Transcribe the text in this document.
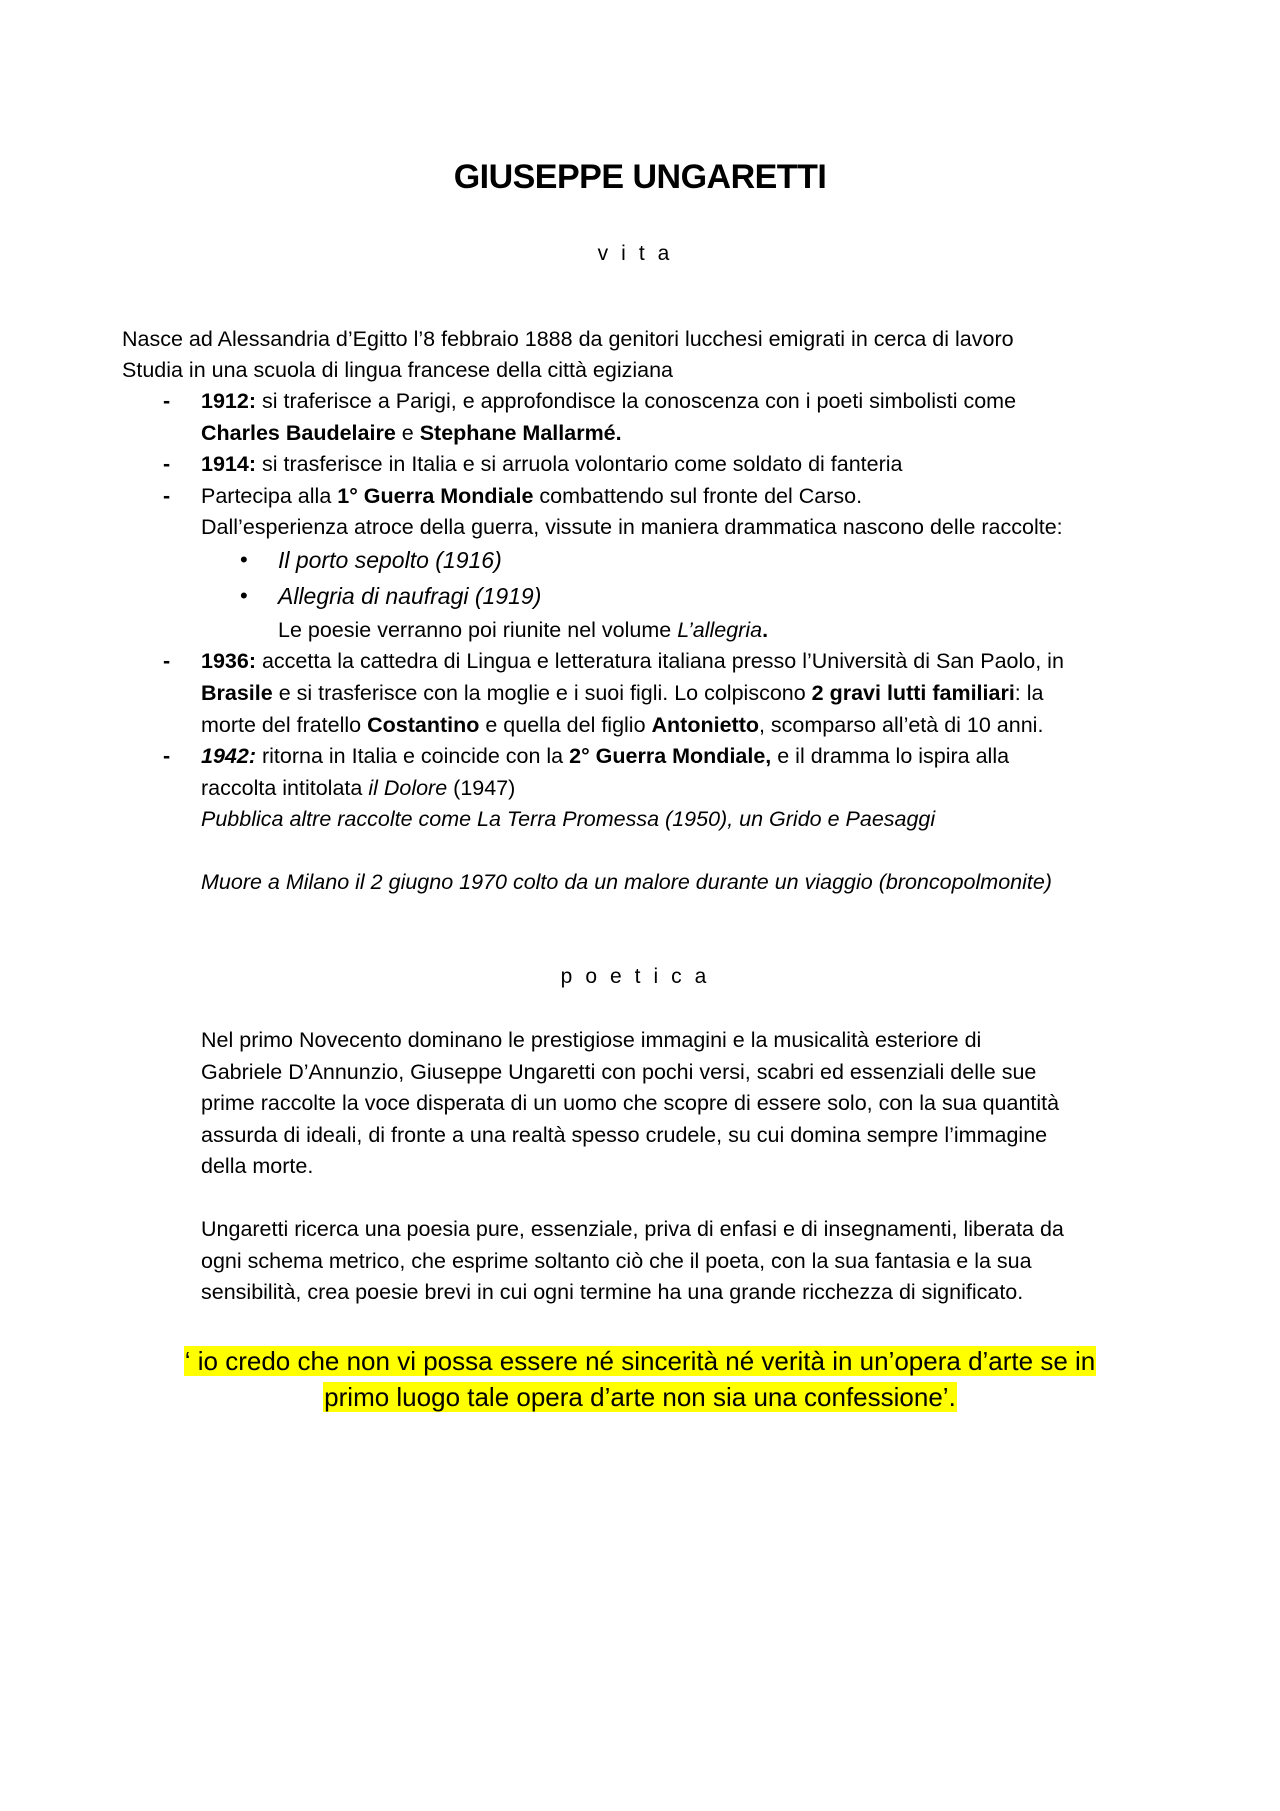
GIUSEPPE UNGARETTI
vita
Nasce ad Alessandria d’Egitto l’8 febbraio 1888 da genitori lucchesi emigrati in cerca di lavoro
Studia in una scuola di lingua francese della città egiziana
- 1912: si traferisce a Parigi, e approfondisce la conoscenza con i poeti simbolisti come
Charles Baudelaire e Stephane Mallarmé.
- 1914: si trasferisce in Italia e si arruola volontario come soldato di fanteria
- Partecipa alla 1° Guerra Mondiale combattendo sul fronte del Carso.
Dall’esperienza atroce della guerra, vissute in maniera drammatica nascono delle raccolte:
• Il porto sepolto (1916)
• Allegria di naufragi (1919)
Le poesie verranno poi riunite nel volume L’allegria.
- 1936: accetta la cattedra di Lingua e letteratura italiana presso l’Università di San Paolo, in
Brasile e si trasferisce con la moglie e i suoi figli. Lo colpiscono 2 gravi lutti familiari: la
morte del fratello Costantino e quella del figlio Antonietto, scomparso all’età di 10 anni.
- 1942: ritorna in Italia e coincide con la 2° Guerra Mondiale, e il dramma lo ispira alla
raccolta intitolata il Dolore (1947)
Pubblica altre raccolte come La Terra Promessa (1950), un Grido e Paesaggi
Muore a Milano il 2 giugno 1970 colto da un malore durante un viaggio (broncopolmonite)
poetica
Nel primo Novecento dominano le prestigiose immagini e la musicalità esteriore di
Gabriele D’Annunzio, Giuseppe Ungaretti con pochi versi, scabri ed essenziali delle sue
prime raccolte la voce disperata di un uomo che scopre di essere solo, con la sua quantità
assurda di ideali, di fronte a una realtà spesso crudele, su cui domina sempre l’immagine
della morte.
Ungaretti ricerca una poesia pure, essenziale, priva di enfasi e di insegnamenti, liberata da
ogni schema metrico, che esprime soltanto ciò che il poeta, con la sua fantasia e la sua
sensibilità, crea poesie brevi in cui ogni termine ha una grande ricchezza di significato.
‘ io credo che non vi possa essere né sincerità né verità in un’opera d’arte se in
primo luogo tale opera d’arte non sia una confessione’.
